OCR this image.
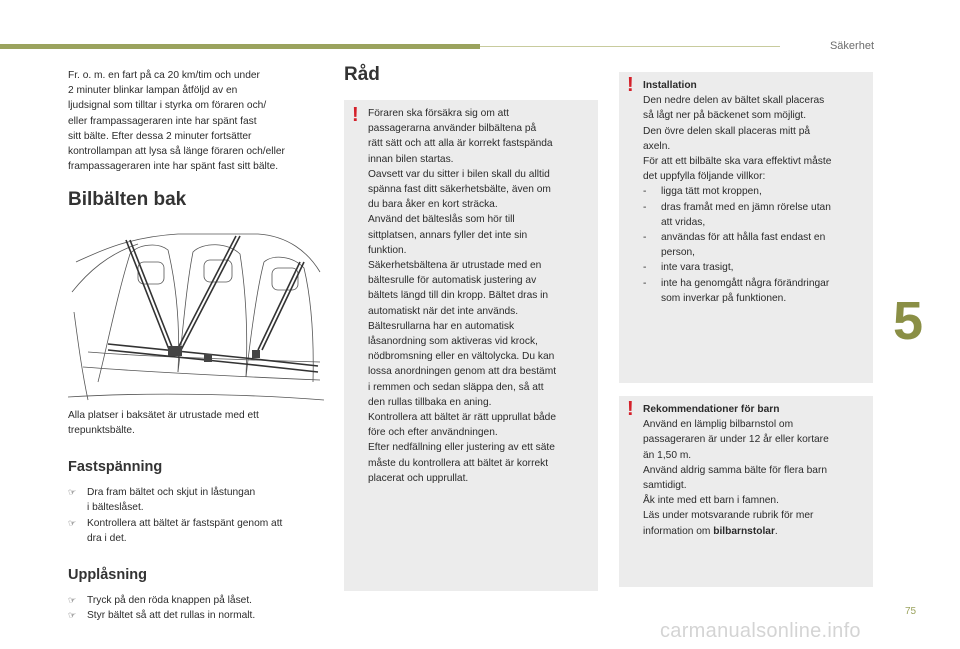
Säkerhet
5
75
carmanualsonline.info

Fr. o. m. en fart på ca 20 km/tim och under

2 minuter blinkar lampan åtföljd av en

ljudsignal som tilltar i styrka om föraren och/

eller frampassageraren inte har spänt fast

sitt bälte. Efter dessa 2 minuter fortsätter

kontrollampan att lysa så länge föraren och/eller

frampassageraren inte har spänt fast sitt bälte.

Bilbälten bak

Alla platser i baksätet är utrustade med ett

trepunktsbälte.

Fastspänning
☞	Dra fram bältet och skjut in låstungan

i bälteslåset.

☞	Kontrollera att bältet är fastspänt genom att

dra i det.

Upplåsning
☞	Tryck på den röda knappen på låset.

☞	Styr bältet så att det rullas in normalt.

Råd
! Föraren ska försäkra sig om att

passagerarna använder bilbältena på

rätt sätt och att alla är korrekt fastspända

innan bilen startas.

Oavsett var du sitter i bilen skall du alltid

spänna fast ditt säkerhetsbälte, även om

du bara åker en kort sträcka.

Använd det bälteslås som hör till

sittplatsen, annars fyller det inte sin

funktion.

Säkerhetsbältena är utrustade med en

bältesrulle för automatisk justering av

bältets längd till din kropp. Bältet dras in

automatiskt när det inte används.

Bältesrullarna har en automatisk

låsanordning som aktiveras vid krock,

nödbromsning eller en vältolycka. Du kan

lossa anordningen genom att dra bestämt

i remmen och sedan släppa den, så att

den rullas tillbaka en aning.

Kontrollera att bältet är rätt upprullat både

före och efter användningen.

Efter nedfällning eller justering av ett säte

måste du kontrollera att bältet är korrekt

placerat och upprullat.

! Installation

Den nedre delen av bältet skall placeras

så lågt ner på bäckenet som möjligt.

Den övre delen skall placeras mitt på

axeln.

För att ett bilbälte ska vara effektivt måste

det uppfylla följande villkor:

-	ligga tätt mot kroppen,

-	dras framåt med en jämn rörelse utan

att vridas,

-	användas för att hålla fast endast en

person,

-	inte vara trasigt,

-	inte ha genomgått några förändringar

som inverkar på funktionen.

! Rekommendationer för barn

Använd en lämplig bilbarnstol om

passageraren är under 12 år eller kortare

än 1,50 m.

Använd aldrig samma bälte för flera barn

samtidigt.

Åk inte med ett barn i famnen.

Läs under motsvarande rubrik för mer

information om bilbarnstolar.
